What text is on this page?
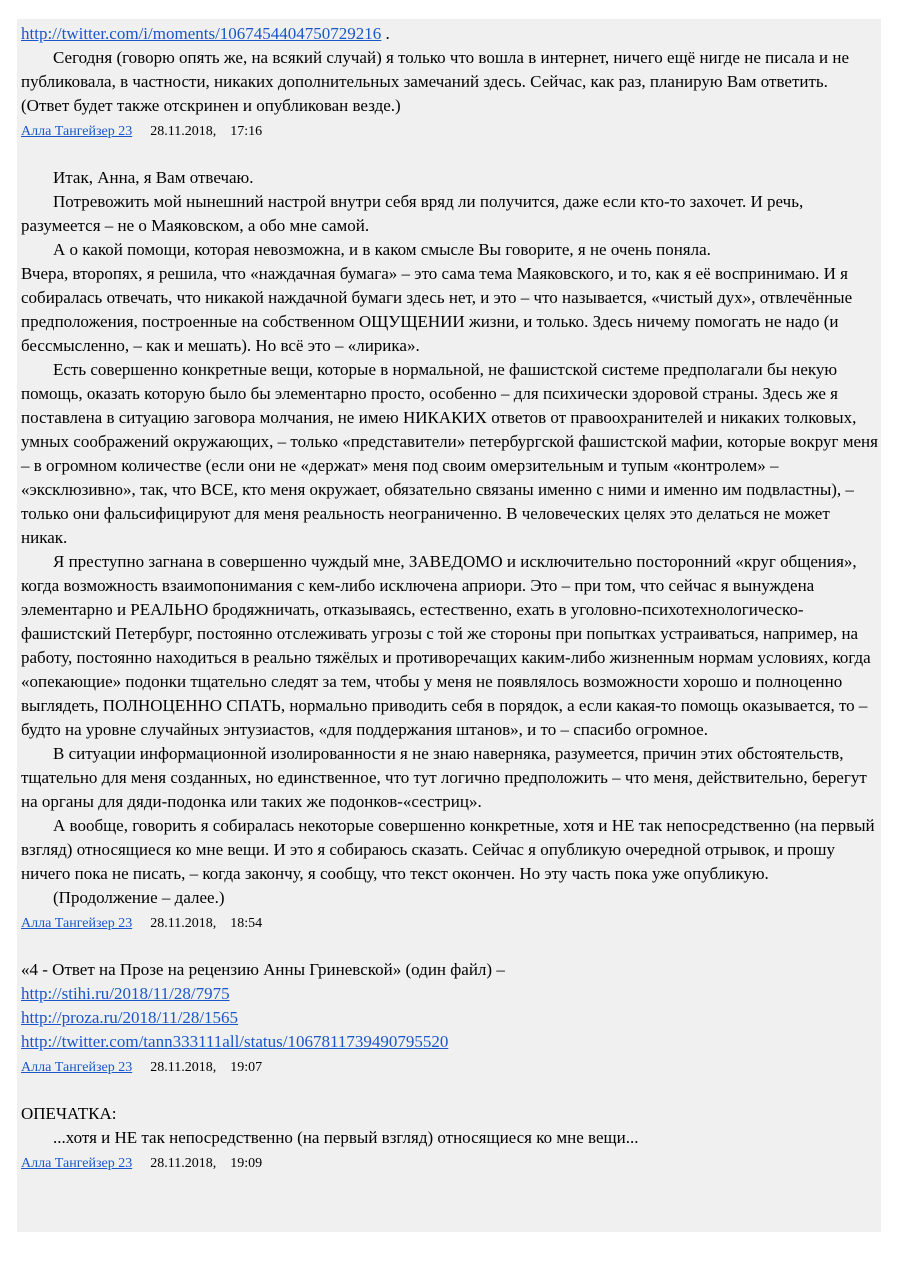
http://twitter.com/i/moments/1067454404750729216 .

Сегодня (говорю опять же, на всякий случай) я только что вошла в интернет, ничего ещё нигде не писала и не публиковала, в частности, никаких дополнительных замечаний здесь. Сейчас, как раз, планирую Вам ответить. (Ответ будет также отскринен и опубликован везде.)

Алла Тангейзер 23 28.11.2018, 17:16

Итак, Анна, я Вам отвечаю.

Потревожить мой нынешний настрой внутри себя вряд ли получится, даже если кто-то захочет. И речь, разумеется – не о Маяковском, а обо мне самой.

А о какой помощи, которая невозможна, и в каком смысле Вы говорите, я не очень поняла.

Вчера, второпях, я решила, что «наждачная бумага» – это сама тема Маяковского, и то, как я её воспринимаю. И я собиралась отвечать, что никакой наждачной бумаги здесь нет, и это – что называется, «чистый дух», отвлечённые предположения, построенные на собственном ОЩУЩЕНИИ жизни, и только. Здесь ничему помогать не надо (и бессмысленно, – как и мешать). Но всё это – «лирика».

Есть совершенно конкретные вещи, которые в нормальной, не фашистской системе предполагали бы некую помощь, оказать которую было бы элементарно просто, особенно – для психически здоровой страны. Здесь же я поставлена в ситуацию заговора молчания, не имею НИКАКИХ ответов от правоохранителей и никаких толковых, умных соображений окружающих, – только «представители» петербургской фашистской мафии, которые вокруг меня – в огромном количестве (если они не «держат» меня под своим омерзительным и тупым «контролем» – «эксклюзивно», так, что ВСЕ, кто меня окружает, обязательно связаны именно с ними и именно им подвластны), – только они фальсифицируют для меня реальность неограниченно. В человеческих целях это делаться не может никак.

Я преступно загнана в совершенно чуждый мне, ЗАВЕДОМО и исключительно посторонний «круг общения», когда возможность взаимопонимания с кем-либо исключена априори. Это – при том, что сейчас я вынуждена элементарно и РЕАЛЬНО бродяжничать, отказываясь, естественно, ехать в уголовно-психотехнологическо-фашистский Петербург, постоянно отслеживать угрозы с той же стороны при попытках устраиваться, например, на работу, постоянно находиться в реально тяжёлых и противоречащих каким-либо жизненным нормам условиях, когда «опекающие» подонки тщательно следят за тем, чтобы у меня не появлялось возможности хорошо и полноценно выглядеть, ПОЛНОЦЕННО СПАТЬ, нормально приводить себя в порядок, а если какая-то помощь оказывается, то – будто на уровне случайных энтузиастов, «для поддержания штанов», и то – спасибо огромное.

В ситуации информационной изолированности я не знаю наверняка, разумеется, причин этих обстоятельств, тщательно для меня созданных, но единственное, что тут логично предположить – что меня, действительно, берегут на органы для дяди-подонка или таких же подонков-«сестриц».

А вообще, говорить я собиралась некоторые совершенно конкретные, хотя и НЕ так непосредственно (на первый взгляд) относящиеся ко мне вещи. И это я собираюсь сказать. Сейчас я опубликую очередной отрывок, и прошу ничего пока не писать, – когда закончу, я сообщу, что текст окончен. Но эту часть пока уже опубликую.

(Продолжение – далее.)

Алла Тангейзер 23 28.11.2018, 18:54

«4 - Ответ на Прозе на рецензию Анны Гриневской» (один файл) –

http://stihi.ru/2018/11/28/7975

http://proza.ru/2018/11/28/1565

http://twitter.com/tann333111all/status/1067811739490795520

Алла Тангейзер 23 28.11.2018, 19:07

ОПЕЧАТКА:

...хотя и НЕ так непосредственно (на первый взгляд) относящиеся ко мне вещи...

Алла Тангейзер 23 28.11.2018, 19:09
